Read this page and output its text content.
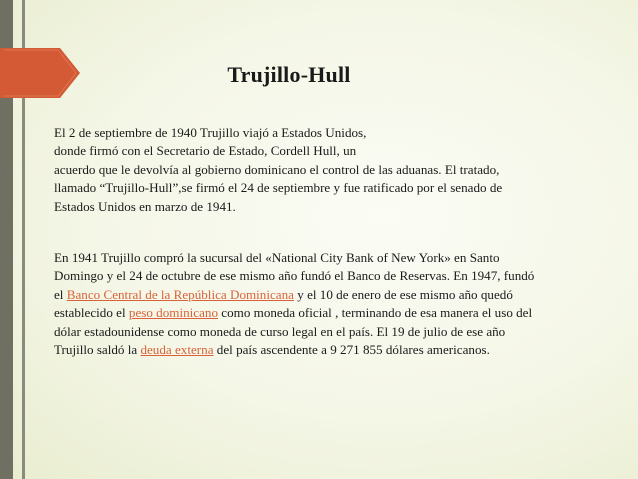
Trujillo-Hull
El 2 de septiembre de 1940 Trujillo viajó a Estados Unidos,
donde firmó con el Secretario de Estado, Cordell Hull, un
acuerdo que le devolvía al gobierno dominicano el control de las aduanas. El tratado,
llamado “Trujillo-Hull”,se firmó el 24 de septiembre y fue ratificado por el senado de
Estados Unidos en marzo de 1941.
En 1941 Trujillo compró la sucursal del «National City Bank of New York» en Santo
Domingo y el 24 de octubre de ese mismo año fundó el Banco de Reservas. En 1947, fundó
el Banco Central de la República Dominicana y el 10 de enero de ese mismo año quedó
establecido el peso dominicano como moneda oficial , terminando de esa manera el uso del
dólar estadounidense como moneda de curso legal en el país. El 19 de julio de ese año
Trujillo saldó la deuda externa del país ascendente a 9 271 855 dólares americanos.
